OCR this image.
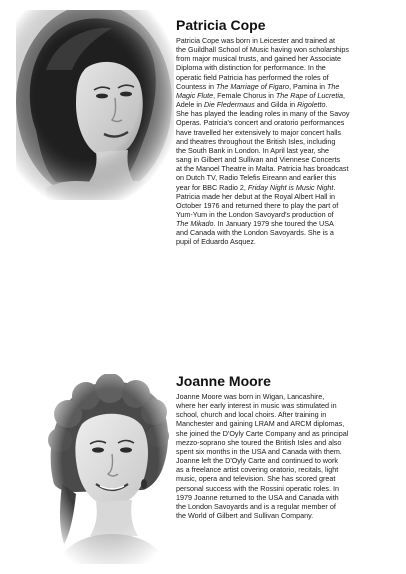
Patricia Cope
Patricia Cope was born in Leicester and trained at
the Guildhall School of Music having won scholarships
from major musical trusts, and gained her Associate
Diploma with distinction for performance. In the
operatic field Patricia has performed the roles of
Countess in The Marriage of Figaro, Pamina in The
Magic Flute, Female Chorus in The Rape of Lucretia,
Adele in Die Fledermaus and Gilda in Rigoletto.
She has played the leading roles in many of the Savoy
Operas. Patricia's concert and oratorio performances
have travelled her extensively to major concert halls
and theatres throughout the British Isles, including
the South Bank in London. In April last year, she
sang in Gilbert and Sullivan and Viennese Concerts
at the Manoel Theatre in Malta. Patricia has broadcast
on Dutch TV, Radio Telefis Eireann and earlier this
year for BBC Radio 2, Friday Night is Music Night.
Patricia made her debut at the Royal Albert Hall in
October 1976 and returned there to play the part of
Yum-Yum in the London Savoyard's production of
The Mikado. In January 1979 she toured the USA
and Canada with the London Savoyards. She is a
pupil of Eduardo Asquez.
Joanne Moore
Joanne Moore was born in Wigan, Lancashire,
where her early interest in music was stimulated in
school, church and local choirs. After training in
Manchester and gaining LRAM and ARCM diplomas,
she joined the D'Oyly Carte Company and as principal
mezzo-soprano she toured the British Isles and also
spent six months in the USA and Canada with them.
Joanne left the D'Oyly Carte and continued to work
as a freelance artist covering oratorio, recitals, light
music, opera and television. She has scored great
personal success with the Rossini operatic roles. In
1979 Joanne returned to the USA and Canada with
the London Savoyards and is a regular member of
the World of Gilbert and Sullivan Company.
